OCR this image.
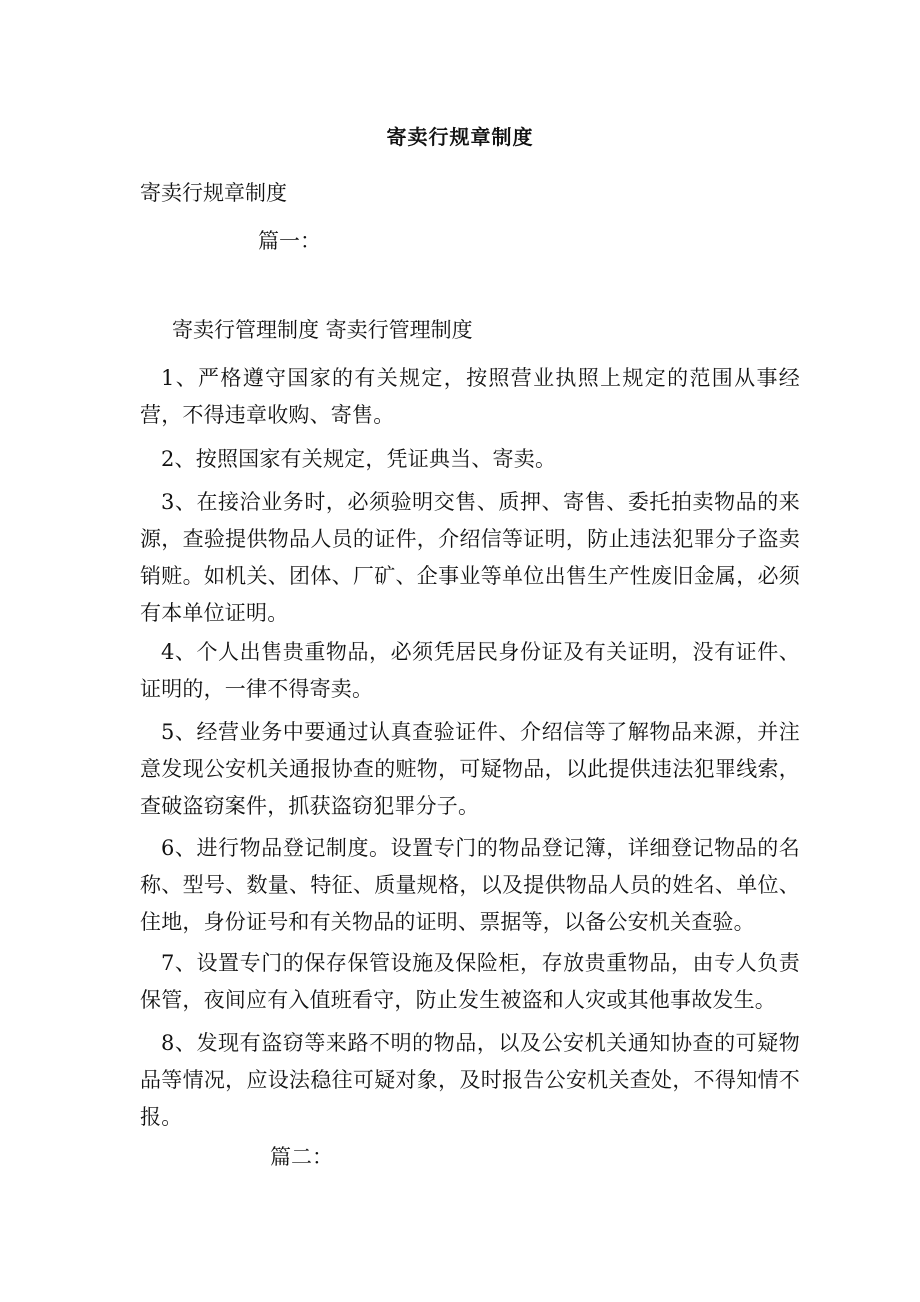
寄卖行规章制度
寄卖行规章制度
篇一：
寄卖行管理制度 寄卖行管理制度
1、严格遵守国家的有关规定，按照营业执照上规定的范围从事经营，不得违章收购、寄售。
2、按照国家有关规定，凭证典当、寄卖。
3、在接洽业务时，必须验明交售、质押、寄售、委托拍卖物品的来源，查验提供物品人员的证件，介绍信等证明，防止违法犯罪分子盗卖销赃。如机关、团体、厂矿、企事业等单位出售生产性废旧金属，必须有本单位证明。
4、个人出售贵重物品，必须凭居民身份证及有关证明，没有证件、证明的，一律不得寄卖。
5、经营业务中要通过认真查验证件、介绍信等了解物品来源，并注意发现公安机关通报协查的赃物，可疑物品，以此提供违法犯罪线索，查破盗窃案件，抓获盗窃犯罪分子。
6、进行物品登记制度。设置专门的物品登记簿，详细登记物品的名称、型号、数量、特征、质量规格，以及提供物品人员的姓名、单位、住地，身份证号和有关物品的证明、票据等，以备公安机关查验。
7、设置专门的保存保管设施及保险柜，存放贵重物品，由专人负责保管，夜间应有入值班看守，防止发生被盗和人灾或其他事故发生。
8、发现有盗窃等来路不明的物品，以及公安机关通知协查的可疑物品等情况，应设法稳往可疑对象，及时报告公安机关查处，不得知情不报。
篇二：
